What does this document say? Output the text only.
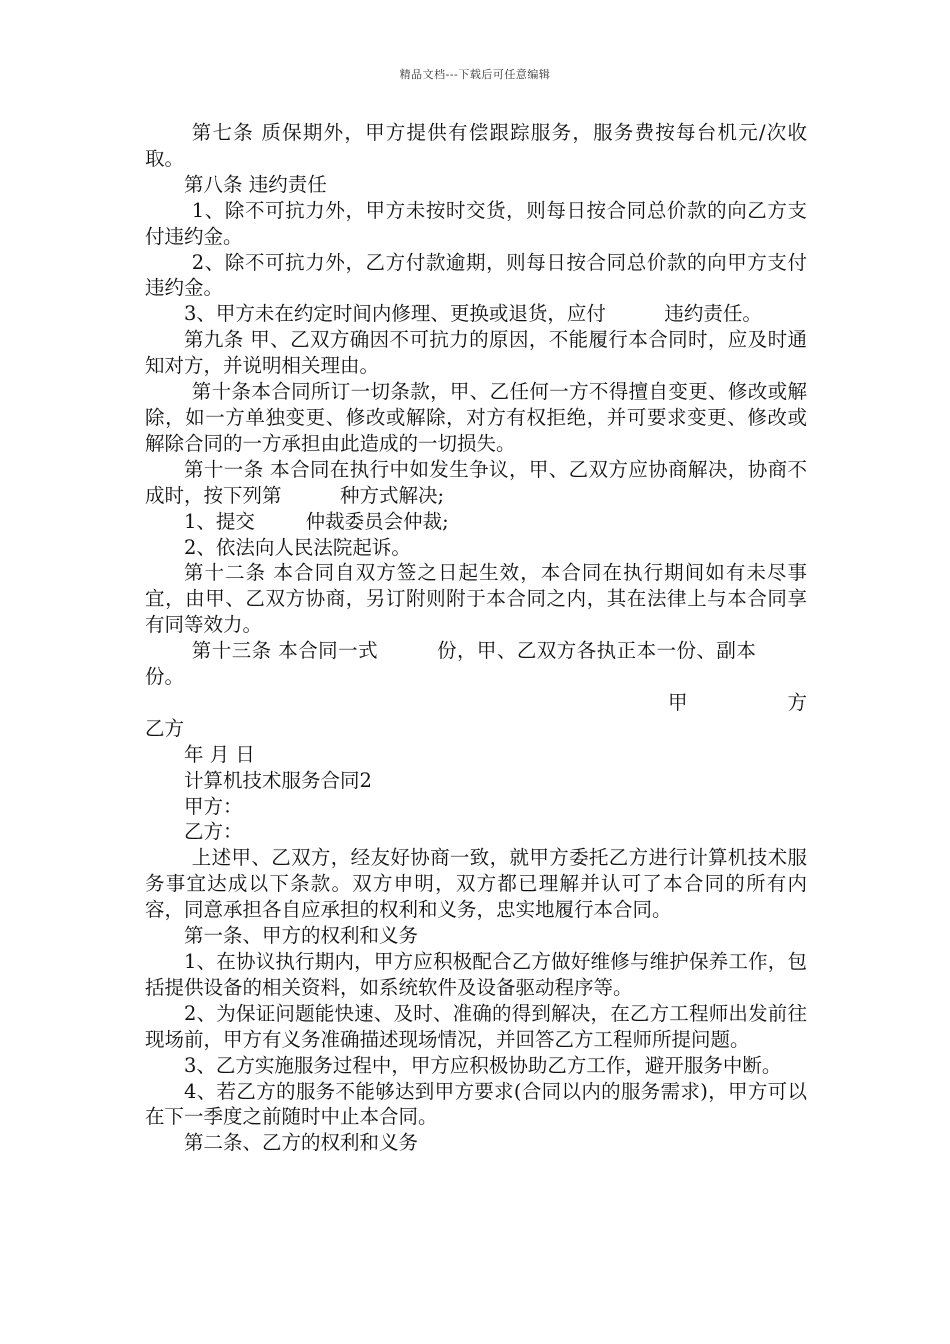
精品文档---下载后可任意编辑

第七条 质保期外，甲方提供有偿跟踪服务，服务费按每台机元/次收取。

第八条 违约责任

1、除不可抗力外，甲方未按时交货，则每日按合同总价款的向乙方支付违约金。

2、除不可抗力外，乙方付款逾期，则每日按合同总价款的向甲方支付违约金。

3、甲方未在约定时间内修理、更换或退货，应付	违约责任。

第九条 甲、乙双方确因不可抗力的原因，不能履行本合同时，应及时通知对方，并说明相关理由。

第十条本合同所订一切条款，甲、乙任何一方不得擅自变更、修改或解除，如一方单独变更、修改或解除，对方有权拒绝，并可要求变更、修改或解除合同的一方承担由此造成的一切损失。

第十一条 本合同在执行中如发生争议，甲、乙双方应协商解决，协商不成时，按下列第	种方式解决;

1、提交	仲裁委员会仲裁;

2、依法向人民法院起诉。

第十二条 本合同自双方签之日起生效，本合同在执行期间如有未尽事宜，由甲、乙双方协商，另订附则附于本合同之内，其在法律上与本合同享有同等效力。

第十三条 本合同一式	份，甲、乙双方各执正本一份、副本份。

甲	方

乙方

年 月 日

计算机技术服务合同2

甲方：

乙方：

上述甲、乙双方，经友好协商一致，就甲方委托乙方进行计算机技术服务事宜达成以下条款。双方申明，双方都已理解并认可了本合同的所有内容，同意承担各自应承担的权利和义务，忠实地履行本合同。

第一条、甲方的权利和义务

1、在协议执行期内，甲方应积极配合乙方做好维修与维护保养工作，包括提供设备的相关资料，如系统软件及设备驱动程序等。

2、为保证问题能快速、及时、准确的得到解决，在乙方工程师出发前往现场前，甲方有义务准确描述现场情况，并回答乙方工程师所提问题。

3、乙方实施服务过程中，甲方应积极协助乙方工作，避开服务中断。

4、若乙方的服务不能够达到甲方要求(合同以内的服务需求)，甲方可以在下一季度之前随时中止本合同。

第二条、乙方的权利和义务
